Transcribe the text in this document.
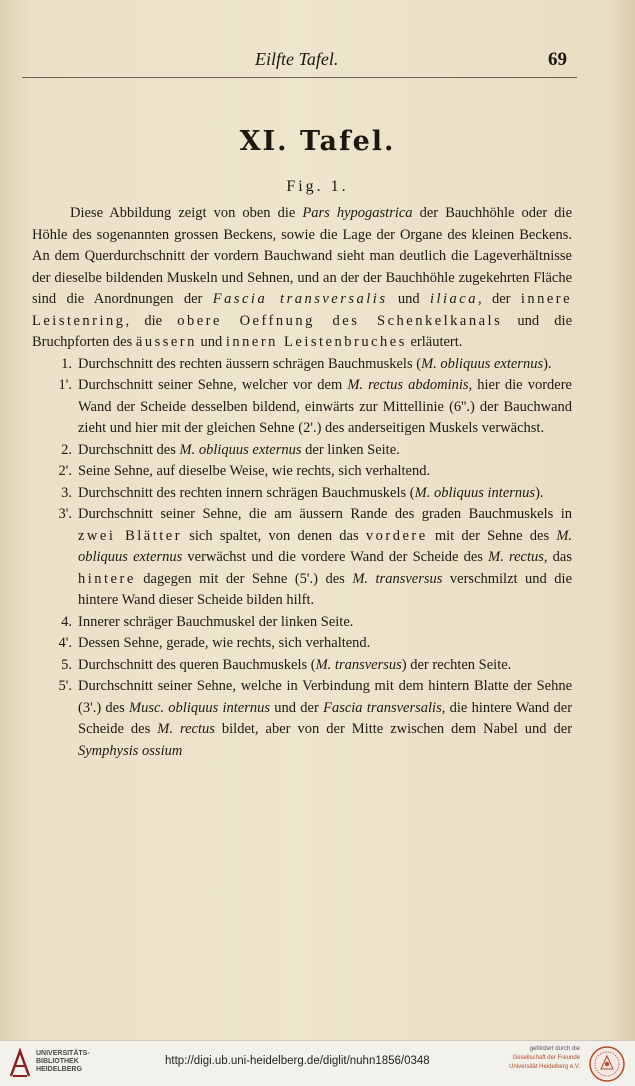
Eilfte Tafel.	69
XI. Tafel.
Fig. 1.

Diese Abbildung zeigt von oben die Pars hypogastrica der Bauchhöhle oder die Höhle des sogenannten grossen Beckens, sowie die Lage der Organe des kleinen Beckens. An dem Querdurchschnitt der vordern Bauchwand sieht man deutlich die Lageverhältnisse der dieselbe bildenden Muskeln und Sehnen, und an der der Bauchhöhle zugekehrten Fläche sind die Anordnungen der Fascia transversalis und iliaca, der innere Leistenring, die obere Oeffnung des Schenkelkanals und die Bruchpforten des äussern und innern Leistenbruches erläutert.

1. Durchschnitt des rechten äussern schrägen Bauchmuskels (M. obliquus externus).

1'. Durchschnitt seiner Sehne, welcher vor dem M. rectus abdominis, hier die vordere Wand der Scheide desselben bildend, einwärts zur Mittellinie (6''.) der Bauchwand zieht und hier mit der gleichen Sehne (2'.) des anderseitigen Muskels verwächst.

2. Durchschnitt des M. obliquus externus der linken Seite.

2'. Seine Sehne, auf dieselbe Weise, wie rechts, sich verhaltend.

3. Durchschnitt des rechten innern schrägen Bauchmuskels (M. obliquus internus).

3'. Durchschnitt seiner Sehne, die am äussern Rande des graden Bauchmuskels in zwei Blätter sich spaltet, von denen das vordere mit der Sehne des M. obliquus externus verwächst und die vordere Wand der Scheide des M. rectus, das hintere dagegen mit der Sehne (5'.) des M. transversus verschmilzt und die hintere Wand dieser Scheide bilden hilft.

4. Innerer schräger Bauchmuskel der linken Seite.

4'. Dessen Sehne, gerade, wie rechts, sich verhaltend.

5. Durchschnitt des queren Bauchmuskels (M. transversus) der rechten Seite.

5'. Durchschnitt seiner Sehne, welche in Verbindung mit dem hintern Blatte der Sehne (3'.) des Musc. obliquus internus und der Fascia transversalis, die hintere Wand der Scheide des M. rectus bildet, aber von der Mitte zwischen dem Nabel und der Symphysis ossium

UNIVERSITÄTS-
BIBLIOTHEK
HEIDELBERG
http://digi.ub.uni-heidelberg.de/diglit/nuhn1856/0348
gefördert durch die
Gesellschaft der Freunde
Universität Heidelberg e.V.
